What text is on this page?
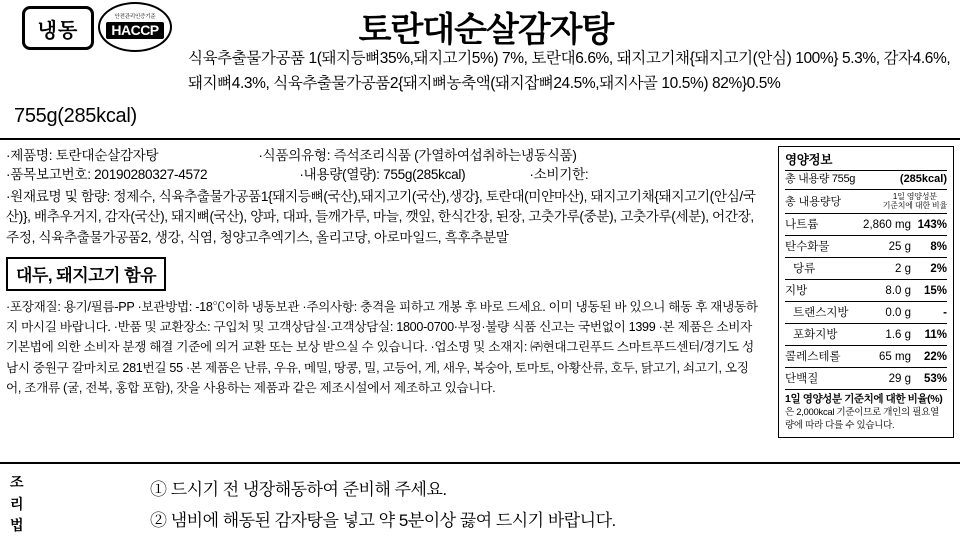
냉동
안전관리인증기준
HACCP
755g(285kcal)
토란대순살감자탕
식육추출물가공품 1(돼지등뼈35%,돼지고기5%) 7%, 토란대6.6%, 돼지고기채{돼지고기(안심) 100%} 5.3%, 감자4.6%, 돼지뼈4.3%, 식육추출물가공품2{돼지뼈농축액(돼지잡뼈24.5%,돼지사골 10.5%) 82%}0.5%
·제품명: 토란대순살감자탕	·식품의유형: 즉석조리식품 (가열하여섭취하는냉동식품)
·품목보고번호: 20190280327-4572	·내용량(열량): 755g(285kcal)	·소비기한:
·원재료명 및 함량: 정제수, 식육추출물가공품1{돼지등뼈(국산),돼지고기(국산),생강}, 토란대(미얀마산), 돼지고기채{돼지고기(안심/국산)}, 배추우거지, 감자(국산), 돼지뼈(국산), 양파, 대파, 들깨가루, 마늘, 깻잎, 한식간장, 된장, 고춧가루(중분), 고춧가루(세분), 어간장, 주정, 식육추출물가공품2, 생강, 식염, 청양고추엑기스, 올리고당, 아로마일드, 흑후추분말
대두, 돼지고기 함유
·포장재질: 용기/필름-PP ·보관방법: -18℃이하 냉동보관 ·주의사항: 충격을 피하고 개봉 후 바로 드세요. 이미 냉동된 바 있으니 해동 후 재냉동하지 마시길 바랍니다. ·반품 및 교환장소: 구입처 및 고객상담실·고객상담실: 1800-0700·부정·불량 식품 신고는 국번없이 1399 ·본 제품은 소비자 기본법에 의한 소비자 분쟁 해결 기준에 의거 교환 또는 보상 받으실 수 있습니다. ·업소명 및 소재지: ㈜현대그린푸드 스마트푸드센터/경기도 성남시 중원구 갈마치로 281번길 55 ·본 제품은 난류, 우유, 메밀, 땅콩, 밀, 고등어, 게, 새우, 복숭아, 토마토, 아황산류, 호두, 닭고기, 쇠고기, 오징어, 조개류 (굴, 전복, 홍합 포함), 잣을 사용하는 제품과 같은 제조시설에서 제조하고 있습니다.
영양정보
총 내용량 755g	(285kcal)
총 내용량당
1일 영양성분
기준치에 대한 비율
나트륨	2,860 mg 143%
탄수화물	25 g	8%
당류	2 g	2%
지방	8.0 g	15%
트랜스지방	0.0 g	-
포화지방	1.6 g	11%
콜레스테롤	65 mg	22%
단백질	29 g	53%
1일 영양성분 기준치에 대한 비율(%)
은 2,000kcal 기준이므로 개인의 필요열량에 따라 다를 수 있습니다.
조
리
법
① 드시기 전 냉장해동하여 준비해 주세요.
② 냄비에 해동된 감자탕을 넣고 약 5분이상 끓여 드시기 바랍니다.
